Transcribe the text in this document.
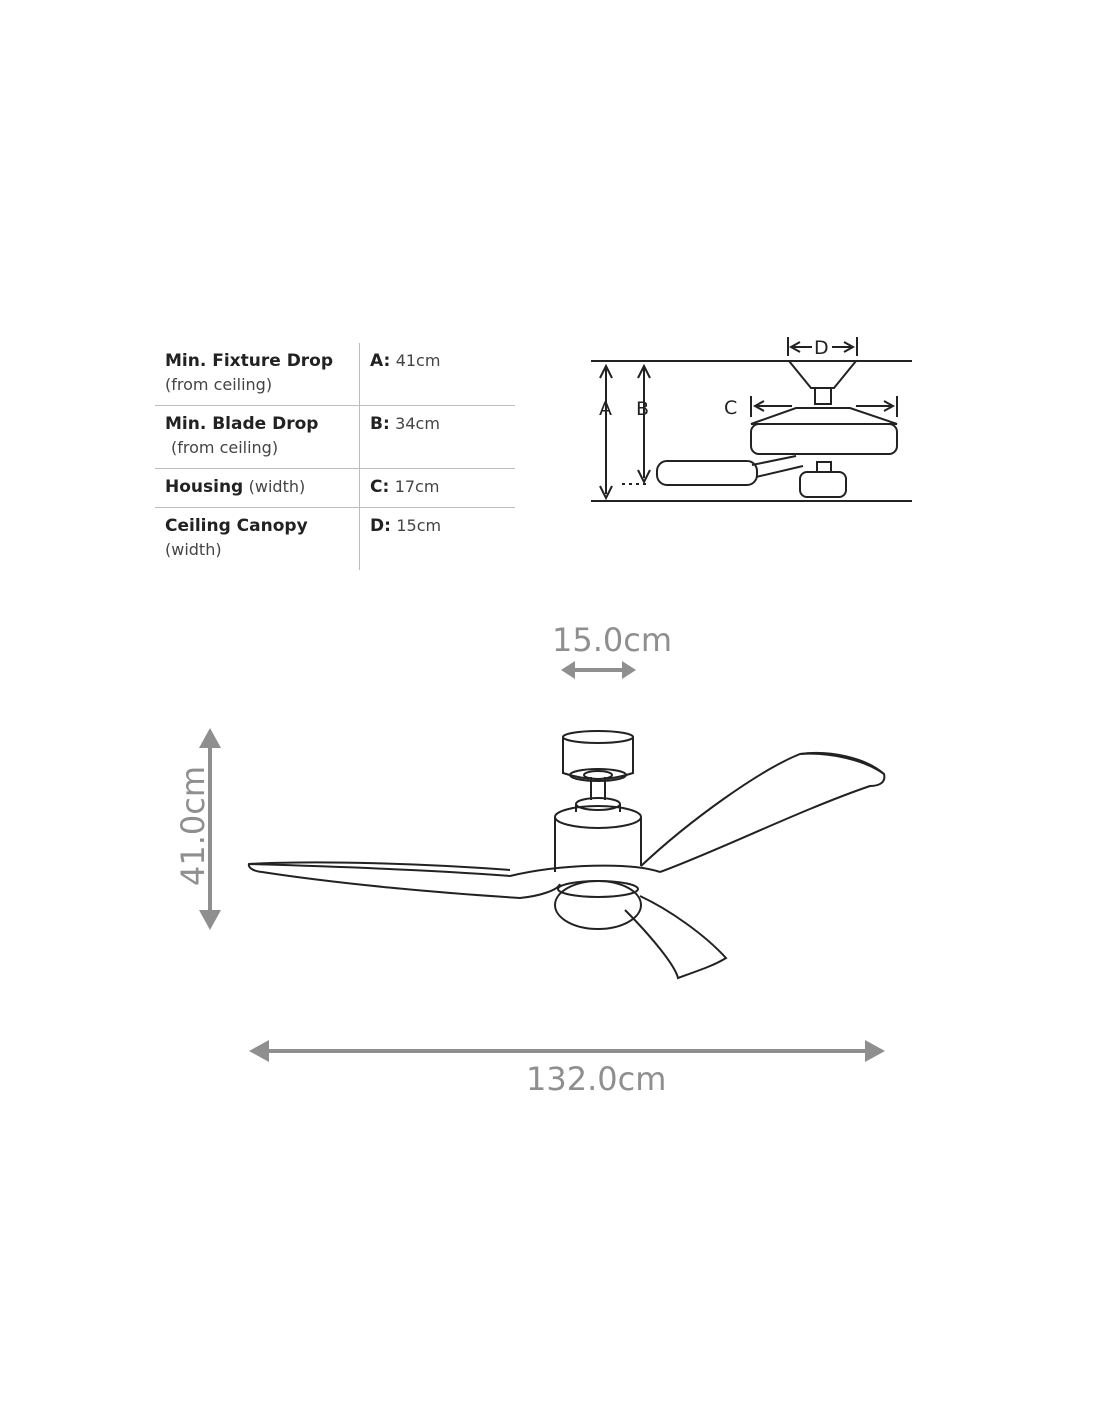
Min. Fixture Drop
(from ceiling)	A: 41cm
Min. Blade Drop
(from ceiling)	B: 34cm
Housing (width)	C: 17cm
Ceiling Canopy
(width)	D: 15cm
A B	C
D
15.0cm
41.0cm
132.0cm
